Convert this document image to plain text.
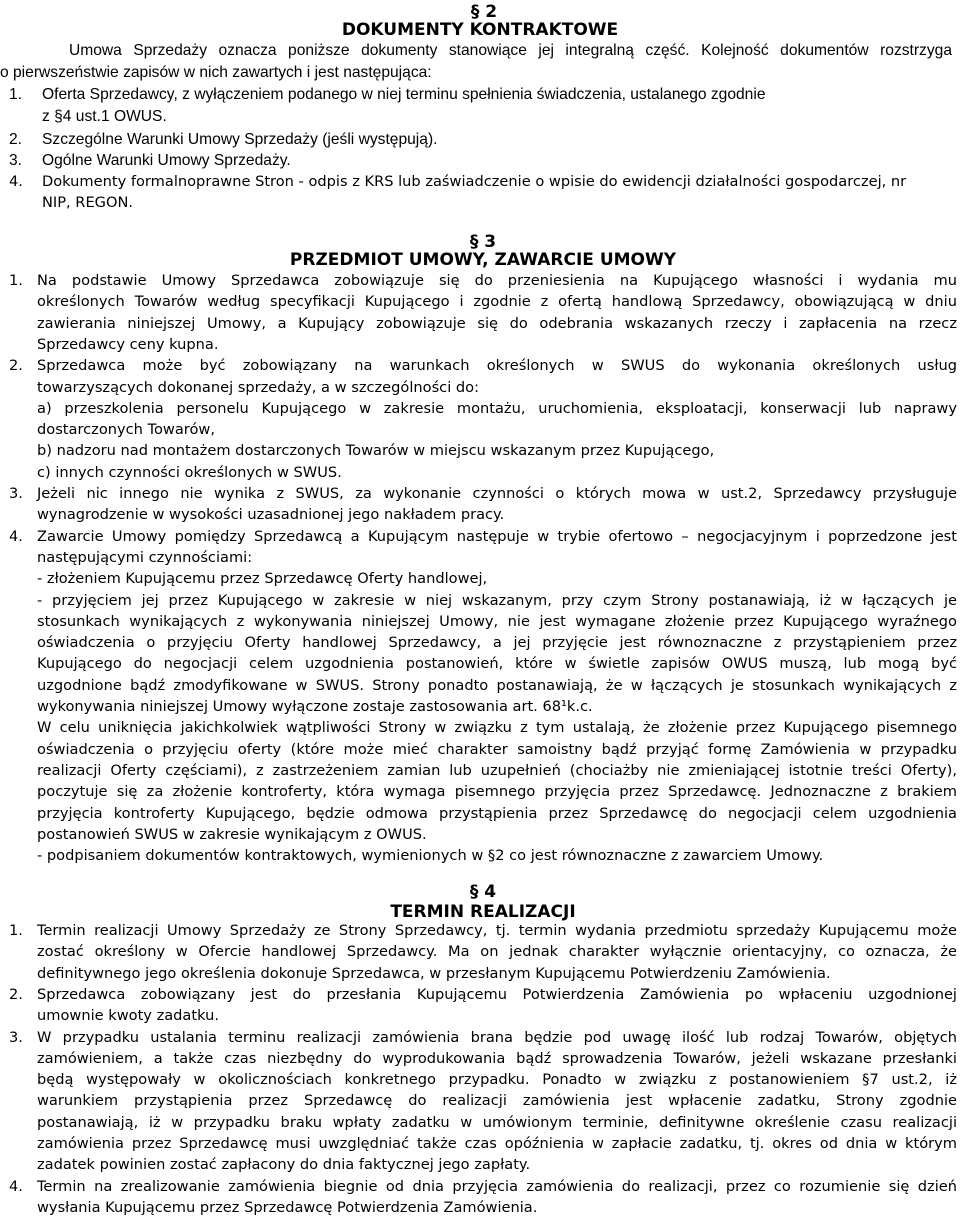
§ 2
DOKUMENTY KONTRAKTOWE
Umowa Sprzedaży oznacza poniższe dokumenty stanowiące jej integralną część. Kolejność dokumentów rozstrzyga
o pierwszeństwie zapisów w nich zawartych i jest następująca:
1. Oferta Sprzedawcy, z wyłączeniem podanego w niej terminu spełnienia świadczenia, ustalanego zgodnie
z §4 ust.1 OWUS.
2. Szczególne Warunki Umowy Sprzedaży (jeśli występują).
3. Ogólne Warunki Umowy Sprzedaży.
4. Dokumenty formalnoprawne Stron - odpis z KRS lub zaświadczenie o wpisie do ewidencji działalności gospodarczej, nr
NIP, REGON.
§ 3
PRZEDMIOT UMOWY, ZAWARCIE UMOWY
1. Na podstawie Umowy Sprzedawca zobowiązuje się do przeniesienia na Kupującego własności i wydania mu
określonych Towarów według specyfikacji Kupującego i zgodnie z ofertą handlową Sprzedawcy, obowiązującą w dniu
zawierania niniejszej Umowy, a Kupujący zobowiązuje się do odebrania wskazanych rzeczy i zapłacenia na rzecz
Sprzedawcy ceny kupna.
2. Sprzedawca może być zobowiązany na warunkach określonych w SWUS do wykonania określonych usług
towarzyszących dokonanej sprzedaży, a w szczególności do:
a) przeszkolenia personelu Kupującego w zakresie montażu, uruchomienia, eksploatacji, konserwacji lub naprawy
dostarczonych Towarów,
b) nadzoru nad montażem dostarczonych Towarów w miejscu wskazanym przez Kupującego,
c) innych czynności określonych w SWUS.
3. Jeżeli nic innego nie wynika z SWUS, za wykonanie czynności o których mowa w ust.2, Sprzedawcy przysługuje
wynagrodzenie w wysokości uzasadnionej jego nakładem pracy.
4. Zawarcie Umowy pomiędzy Sprzedawcą a Kupującym następuje w trybie ofertowo – negocjacyjnym i poprzedzone jest
następującymi czynnościami:
- złożeniem Kupującemu przez Sprzedawcę Oferty handlowej,
- przyjęciem jej przez Kupującego w zakresie w niej wskazanym, przy czym Strony postanawiają, iż w łączących je
stosunkach wynikających z wykonywania niniejszej Umowy, nie jest wymagane złożenie przez Kupującego wyraźnego
oświadczenia o przyjęciu Oferty handlowej Sprzedawcy, a jej przyjęcie jest równoznaczne z przystąpieniem przez
Kupującego do negocjacji celem uzgodnienia postanowień, które w świetle zapisów OWUS muszą, lub mogą być
uzgodnione bądź zmodyfikowane w SWUS. Strony ponadto postanawiają, że w łączących je stosunkach wynikających z
wykonywania niniejszej Umowy wyłączone zostaje zastosowania art. 68¹k.c.
W celu uniknięcia jakichkolwiek wątpliwości Strony w związku z tym ustalają, że złożenie przez Kupującego pisemnego
oświadczenia o przyjęciu oferty (które może mieć charakter samoistny bądź przyjąć formę Zamówienia w przypadku
realizacji Oferty częściami), z zastrzeżeniem zamian lub uzupełnień (chociażby nie zmieniającej istotnie treści Oferty),
poczytuje się za złożenie kontroferty, która wymaga pisemnego przyjęcia przez Sprzedawcę. Jednoznaczne z brakiem
przyjęcia kontroferty Kupującego, będzie odmowa przystąpienia przez Sprzedawcę do negocjacji celem uzgodnienia
postanowień SWUS w zakresie wynikającym z OWUS.
- podpisaniem dokumentów kontraktowych, wymienionych w §2 co jest równoznaczne z zawarciem Umowy.
§ 4
TERMIN REALIZACJI
1. Termin realizacji Umowy Sprzedaży ze Strony Sprzedawcy, tj. termin wydania przedmiotu sprzedaży Kupującemu może
zostać określony w Ofercie handlowej Sprzedawcy. Ma on jednak charakter wyłącznie orientacyjny, co oznacza, że
definitywnego jego określenia dokonuje Sprzedawca, w przesłanym Kupującemu Potwierdzeniu Zamówienia.
2. Sprzedawca zobowiązany jest do przesłania Kupującemu Potwierdzenia Zamówienia po wpłaceniu uzgodnionej
umownie kwoty zadatku.
3. W przypadku ustalania terminu realizacji zamówienia brana będzie pod uwagę ilość lub rodzaj Towarów, objętych
zamówieniem, a także czas niezbędny do wyprodukowania bądź sprowadzenia Towarów, jeżeli wskazane przesłanki
będą występowały w okolicznościach konkretnego przypadku. Ponadto w związku z postanowieniem §7 ust.2, iż
warunkiem przystąpienia przez Sprzedawcę do realizacji zamówienia jest wpłacenie zadatku, Strony zgodnie
postanawiają, iż w przypadku braku wpłaty zadatku w umówionym terminie, definitywne określenie czasu realizacji
zamówienia przez Sprzedawcę musi uwzględniać także czas opóźnienia w zapłacie zadatku, tj. okres od dnia w którym
zadatek powinien zostać zapłacony do dnia faktycznej jego zapłaty.
4. Termin na zrealizowanie zamówienia biegnie od dnia przyjęcia zamówienia do realizacji, przez co rozumienie się dzień
wysłania Kupującemu przez Sprzedawcę Potwierdzenia Zamówienia.
